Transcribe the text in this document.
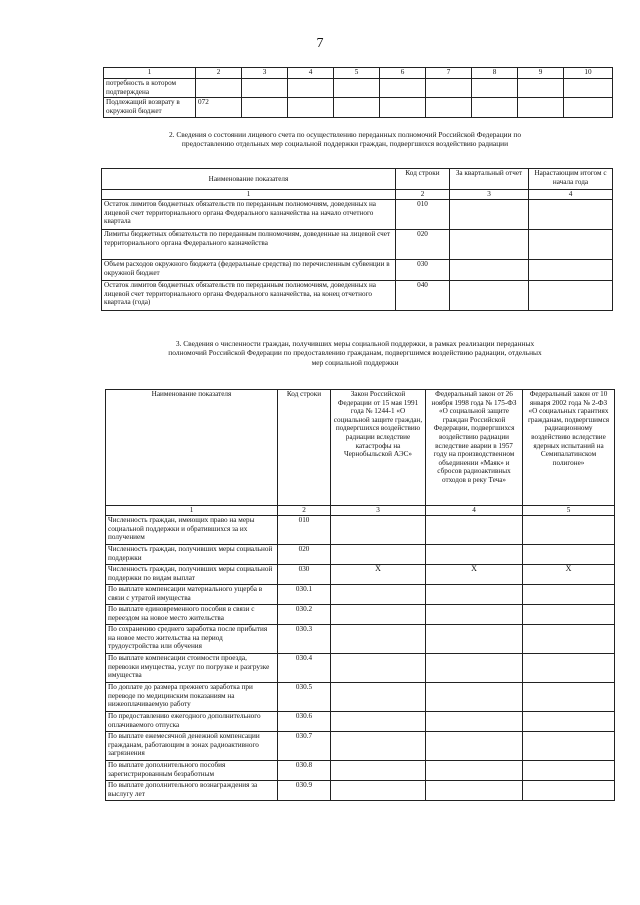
7
1	2	3	4	5	6	7	8	9	10
потребность в котором подтверждена									
Подлежащий возврату в окружной бюджет	072								
2. Сведения о состоянии лицевого счета по осуществлению переданных полномочий Российской Федерации по предоставлению отдельных мер социальной поддержки граждан, подвергшихся воздействию радиации
Наименование показателя	Код строки	За квартальный отчет	Нарастающим итогом с начала года
1	2	3	4
Остаток лимитов бюджетных обязательств по переданным полномочиям, доведенных на лицевой счет территориального органа Федерального казначейства на начало отчетного квартала	010		
Лимиты бюджетных обязательств по переданным полномочиям, доведенные на лицевой счет территориального органа Федерального казначейства	020		
Объем расходов окружного бюджета (федеральные средства) по перечисленным субвенции в окружной бюджет	030		
Остаток лимитов бюджетных обязательств по переданным полномочиям, доведенных на лицевой счет территориального органа Федерального казначейства, на конец отчетного квартала (года)	040		
3. Сведения о численности граждан, получивших меры социальной поддержки, в рамках реализации переданных полномочий Российской Федерации по предоставлению гражданам, подвергшимся воздействию радиации, отдельных мер социальной поддержки
Наименование показателя	Код строки	Закон Российской Федерации от 15 мая 1991 года № 1244-1 «О социальной защите граждан, подвергшихся воздействию радиации вследствие катастрофы на Чернобыльской АЭС»	Федеральный закон от 26 ноября 1998 года № 175-ФЗ «О социальной защите граждан Российской Федерации, подвергшихся воздействию радиации вследствие аварии в 1957 году на производственном объединении «Маяк» и сбросов радиоактивных отходов в реку Теча»	Федеральный закон от 10 января 2002 года № 2-ФЗ «О социальных гарантиях гражданам, подвергшимся радиационному воздействию вследствие ядерных испытаний на Семипалатинском полигоне»
1	2	3	4	5
Численность граждан, имеющих право на меры социальной поддержки и обратившихся за их получением	010			
Численность граждан, получивших меры социальной поддержки	020			
Численность граждан, получивших меры социальной поддержки по видам выплат	030	X	X	X
По выплате компенсации материального ущерба в связи с утратой имущества	030.1			
По выплате единовременного пособия в связи с переездом на новое место жительства	030.2			
По сохранению среднего заработка после прибытия на новое место жительства на период трудоустройства или обучения	030.3			
По выплате компенсации стоимости проезда, перевозки имущества, услуг по погрузке и разгрузке имущества	030.4			
По доплате до размера прежнего заработка при переводе по медицинским показаниям на нижеоплачиваемую работу	030.5			
По предоставлению ежегодного дополнительного оплачиваемого отпуска	030.6			
По выплате ежемесячной денежной компенсации гражданам, работающим в зонах радиоактивного загрязнения	030.7			
По выплате дополнительного пособия зарегистрированным безработным	030.8			
По выплате дополнительного вознаграждения за выслугу лет	030.9			
